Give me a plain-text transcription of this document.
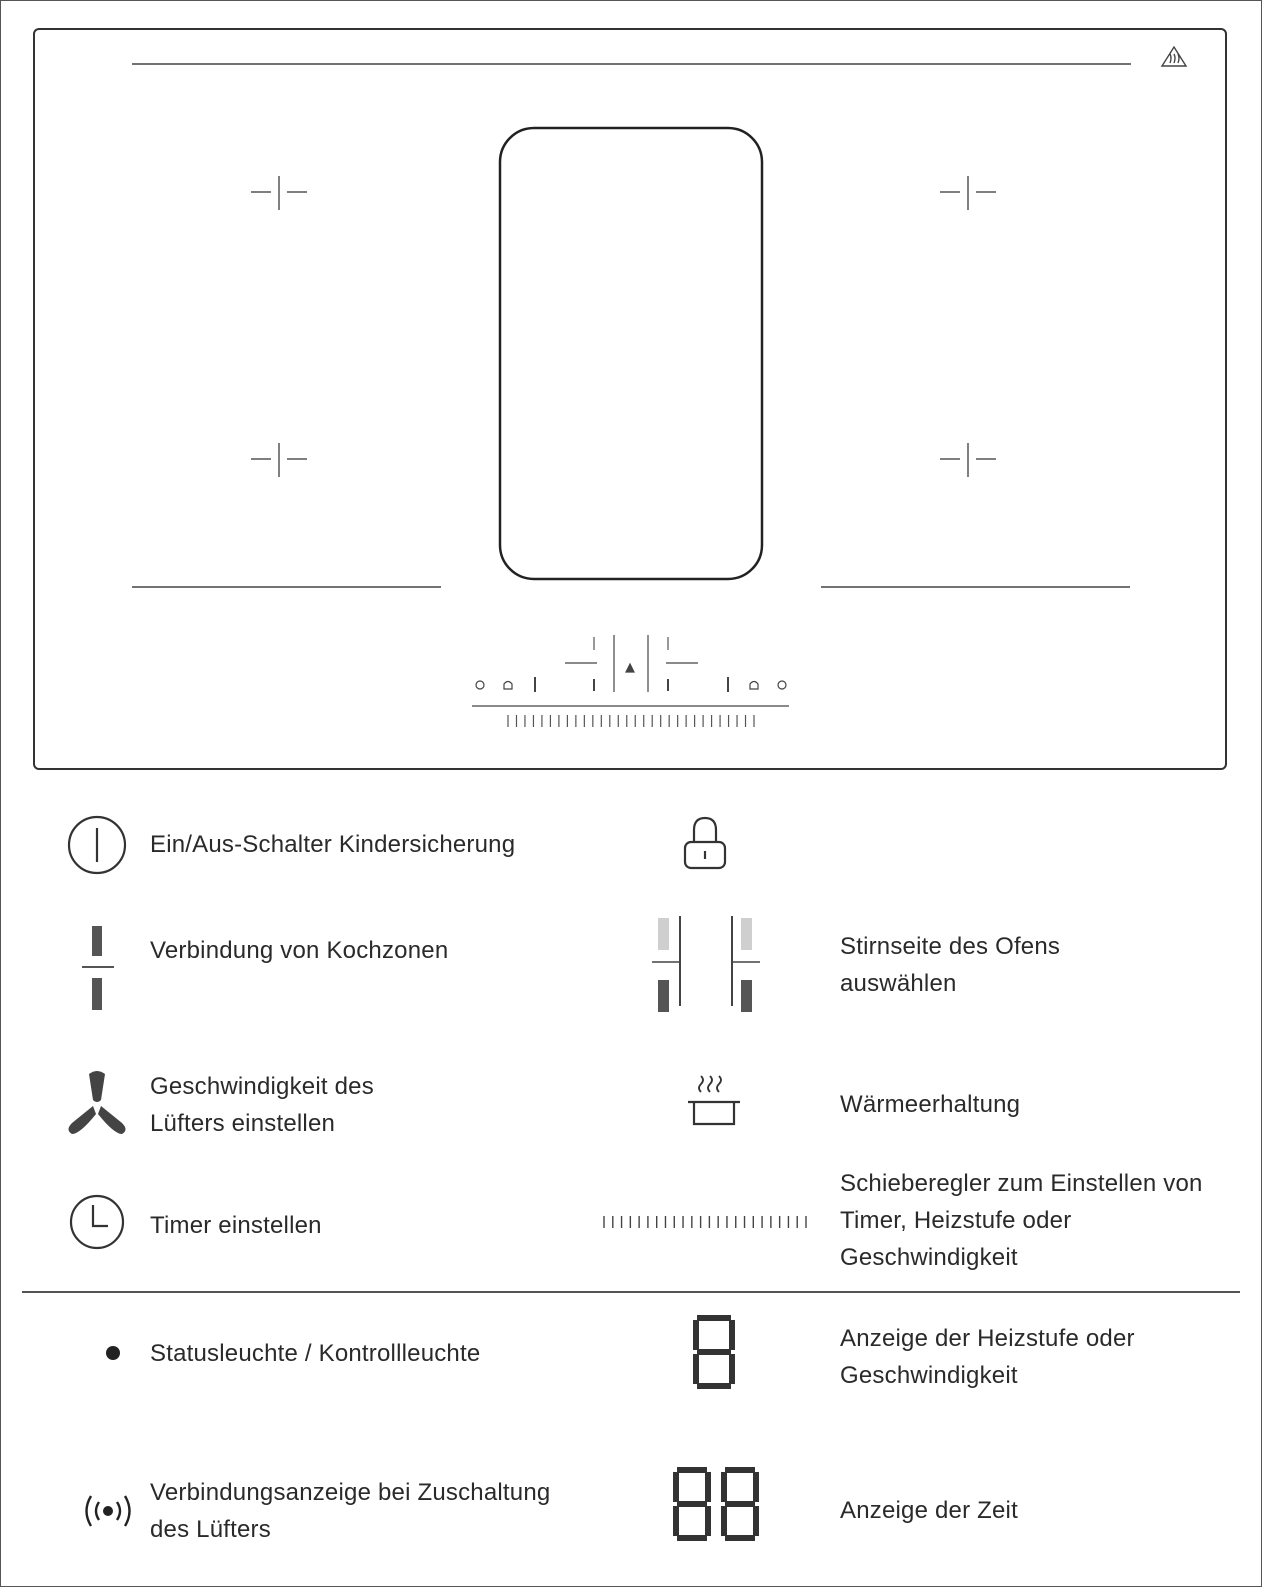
Ein/Aus-Schalter Kindersicherung
Verbindung von Kochzonen	Stirnseite des Ofens auswählen
Geschwindigkeit des Lüfters einstellen
Wärmeerhaltung
Timer einstellen
Schieberegler zum Einstellen von Timer, Heizstufe oder Geschwindigkeit
Statusleuchte / Kontrollleuchte
Anzeige der Heizstufe oder Geschwindigkeit
Verbindungsanzeige bei Zuschaltung des Lüfters
Anzeige der Zeit
